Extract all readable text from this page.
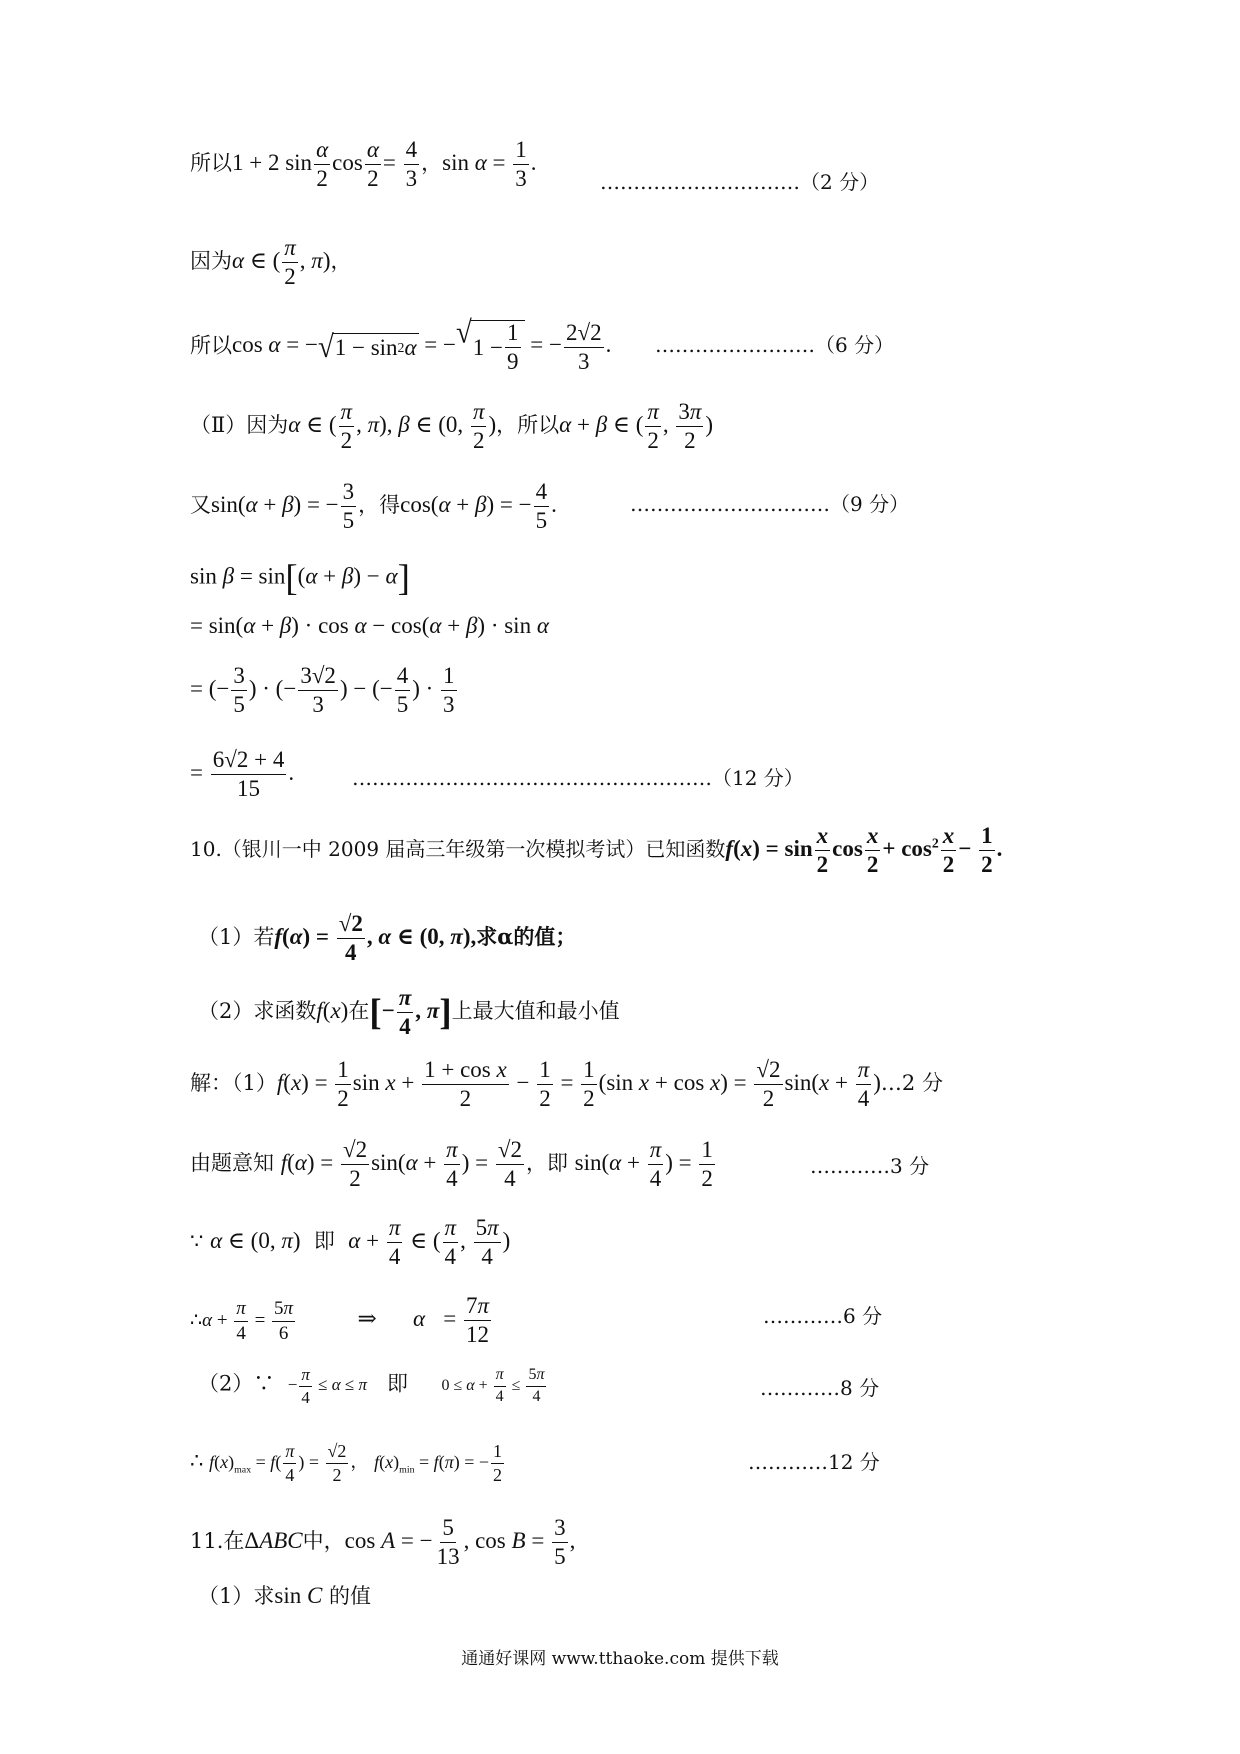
所以1 + 2 $\sin \frac{\alpha}{2}$ $\cos \frac{\alpha}{2} = \frac{4}{3}$ ，$\sin \alpha = \frac{1}{3}$ .
…………………………（2 分）
因为α ∈ ( $\frac{\pi}{2}$ , π)，
所以cos α = − √ 1 − sin 2 α = − √ $1 - \frac{1}{9}$ = − $\frac{2√2}{3}$ . ……………………（6 分）
（Ⅱ）因为α ∈ ( $\frac{\pi}{2}$ , π), β ∈ (0, $\frac{\pi}{2}$ )，所以α + β ∈ ( $\frac{\pi}{2}$ , $\frac{3\pi}{2}$ )
又sin(α + β) = − $\frac{3}{5}$ ，得cos(α + β) = − $\frac{4}{5}$ .	…………………………（9 分）
sin β = sin[(α + β) − α]
= sin(α + β) · cos α − cos(α + β) · sin α
= (− $\frac{3}{5}$ ) · (− $\frac{3√2}{3}$ ) − (− $\frac{4}{5}$ ) · $\frac{1}{3}$
= $\frac{6√2 + 4}{15}$ .	………………………………………………（12 分）
10.（银川一中 2009 届高三年级第一次模拟考试）已知函数$f(x) = \sin \frac{x}{2}$ $\cos \frac{x}{2} + \cos^2 \frac{x}{2} - \frac{1}{2}$ .
（1）若$f(\alpha) = \frac{√2}{4}$ , α ∈ (0, π),求α的值；
（2）求函数f(x)在[− $\frac{\pi}{4}$ , π]上最大值和最小值
解：$(1)f(x) = \frac{1}{2}$ $\sin x + \frac{\text{1 + cos x}}{2} - \frac{1}{2} = \frac{1}{2} (\sin$ $x + \cos x) = \frac{√2}{2} \sin(x + \frac{\pi}{4}$ )…2 分
由题意知 $f(\alpha) = \frac{√2}{2} \sin(\alpha + \frac{\pi}{4}$ ) = $\frac{√2}{4}$ ，即 $\sin(\alpha + \frac{\pi}{4}$ ) = $\frac{1}{2}$	…………3 分
∵ α ∈ (0, π) 即 $\alpha + \frac{\pi}{4}$ ∈ ( $\frac{\pi}{4}$ , $\frac{5\pi}{4}$ )
∴α + $\frac{\pi}{4} = \frac{5\pi}{6}$	⇒ $\alpha = \frac{7\pi}{12}$	…………6 分
（2）∵ − $\frac{\pi}{4} \le \alpha \le \pi$ 即 $0 \le \alpha + \frac{\pi}{4} \le \frac{5\pi}{4}$	…………8 分
∴ $f(x)_{max} = f( \frac{\pi}{4}$ ) = $\frac{√2}{2}$ ， $f(x)_{min} = f(\pi)$ = − $\frac{1}{2}$	…………12 分
11.在ΔABC中，cos A = − $\frac{5}{13}$ , $\cos B = \frac{3}{5}$ ,
（1）求sin C 的值
通通好课网 www.tthaoke.com 提供下载
